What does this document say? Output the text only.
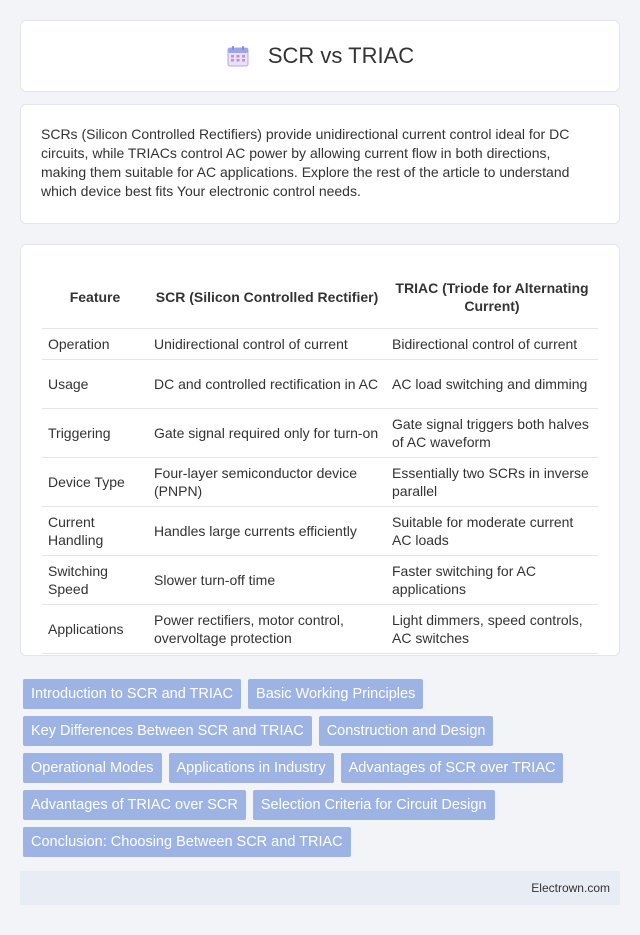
SCR vs TRIAC

SCRs (Silicon Controlled Rectifiers) provide unidirectional current control ideal for DC circuits, while TRIACs control AC power by allowing current flow in both directions, making them suitable for AC applications. Explore the rest of the article to understand which device best fits Your electronic control needs.

Feature	SCR (Silicon Controlled Rectifier)	TRIAC (Triode for Alternating Current)
Operation	Unidirectional control of current	Bidirectional control of current
Usage	DC and controlled rectification in AC	AC load switching and dimming
Triggering	Gate signal required only for turn-on	Gate signal triggers both halves of AC waveform
Device Type	Four-layer semiconductor device (PNPN)	Essentially two SCRs in inverse parallel
Current Handling	Handles large currents efficiently	Suitable for moderate current AC loads
Switching Speed	Slower turn-off time	Faster switching for AC applications
Applications	Power rectifiers, motor control, overvoltage protection	Light dimmers, speed controls, AC switches
Introduction to SCR and TRIAC	Basic Working Principles
Key Differences Between SCR and TRIAC	Construction and Design
Operational Modes	Applications in Industry	Advantages of SCR over TRIAC
Advantages of TRIAC over SCR	Selection Criteria for Circuit Design
Conclusion: Choosing Between SCR and TRIAC
Electrown.com
